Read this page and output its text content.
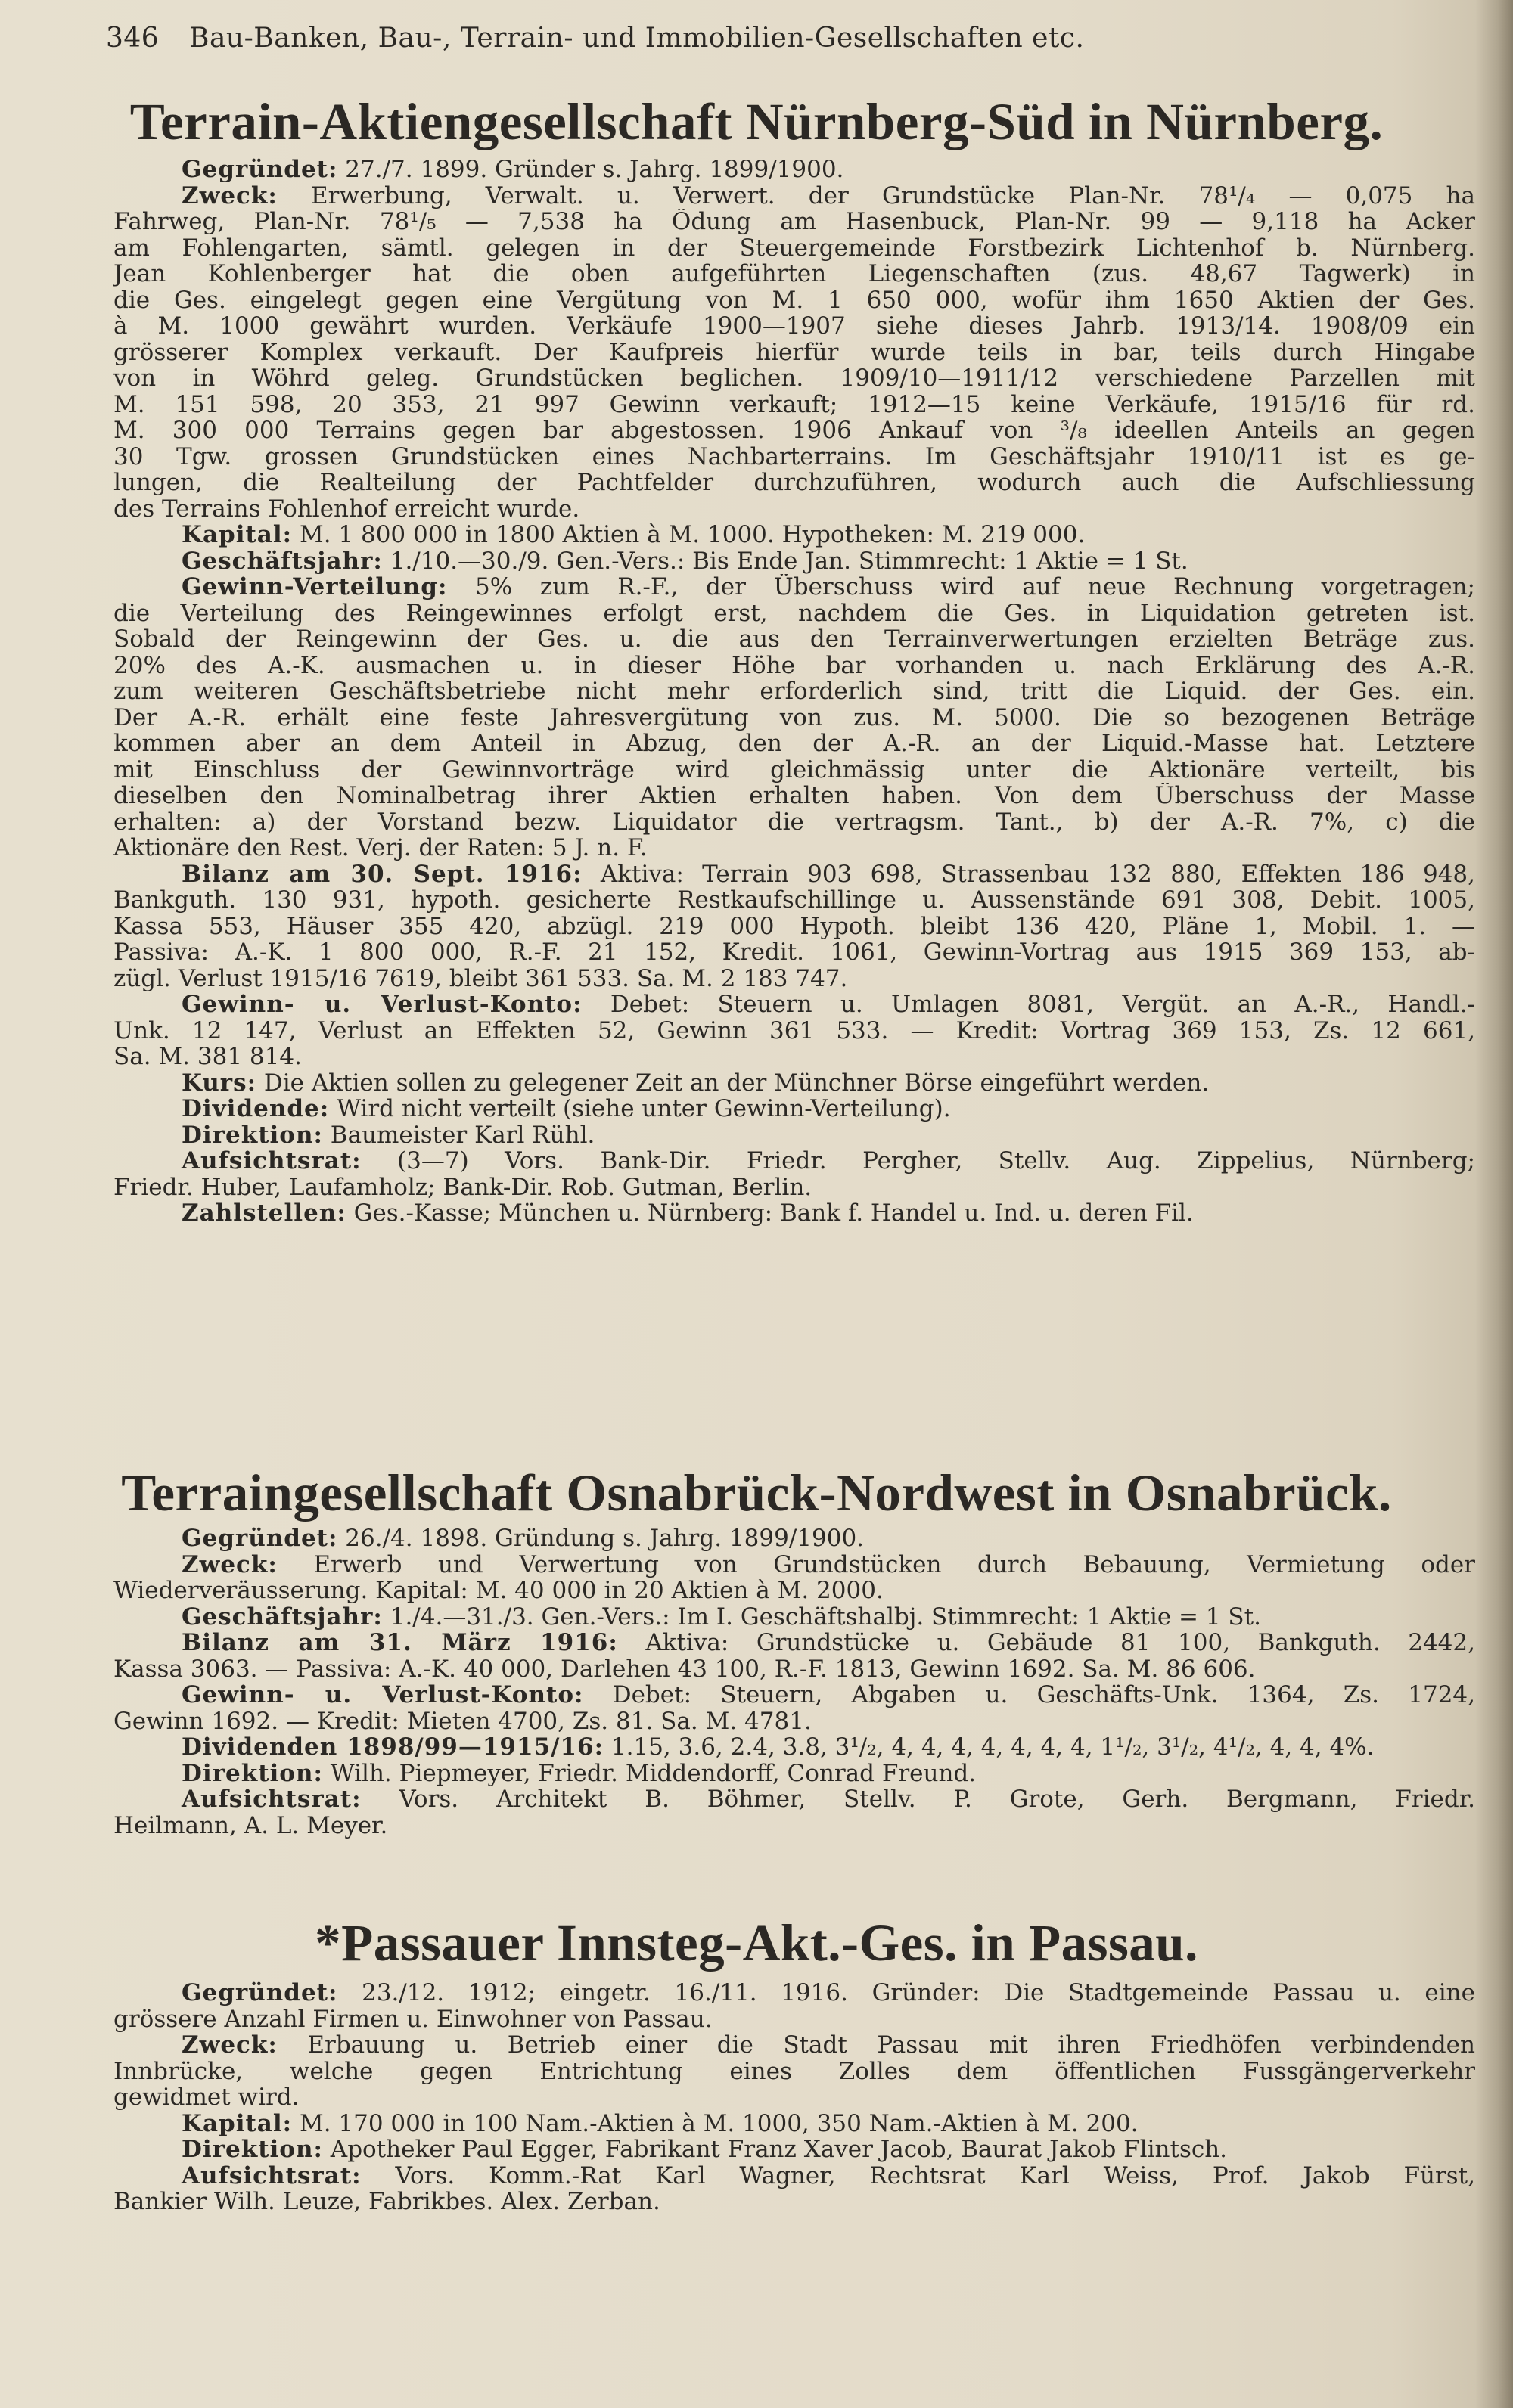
346 Bau-Banken, Bau-, Terrain- und Immobilien-Gesellschaften etc.
Terrain-Aktiengesellschaft Nürnberg-Süd in Nürnberg.
Gegründet: 27./7. 1899. Gründer s. Jahrg. 1899/1900.
Zweck: Erwerbung, Verwalt. u. Verwert. der Grundstücke Plan-Nr. 78¹/₄ — 0,075 ha
Fahrweg, Plan-Nr. 78¹/₅ — 7,538 ha Ödung am Hasenbuck, Plan-Nr. 99 — 9,118 ha Acker
am Fohlengarten, sämtl. gelegen in der Steuergemeinde Forstbezirk Lichtenhof b. Nürnberg.
Jean Kohlenberger hat die oben aufgeführten Liegenschaften (zus. 48,67 Tagwerk) in
die Ges. eingelegt gegen eine Vergütung von M. 1 650 000, wofür ihm 1650 Aktien der Ges.
à M. 1000 gewährt wurden. Verkäufe 1900—1907 siehe dieses Jahrb. 1913/14. 1908/09 ein
grösserer Komplex verkauft. Der Kaufpreis hierfür wurde teils in bar, teils durch Hingabe
von in Wöhrd geleg. Grundstücken beglichen. 1909/10—1911/12 verschiedene Parzellen mit
M. 151 598, 20 353, 21 997 Gewinn verkauft; 1912—15 keine Verkäufe, 1915/16 für rd.
M. 300 000 Terrains gegen bar abgestossen. 1906 Ankauf von ³/₈ ideellen Anteils an gegen
30 Tgw. grossen Grundstücken eines Nachbarterrains. Im Geschäftsjahr 1910/11 ist es ge-
lungen, die Realteilung der Pachtfelder durchzuführen, wodurch auch die Aufschliessung
des Terrains Fohlenhof erreicht wurde.
Kapital: M. 1 800 000 in 1800 Aktien à M. 1000. Hypotheken: M. 219 000.
Geschäftsjahr: 1./10.—30./9. Gen.-Vers.: Bis Ende Jan. Stimmrecht: 1 Aktie = 1 St.
Gewinn-Verteilung: 5% zum R.-F., der Überschuss wird auf neue Rechnung vorgetragen;
die Verteilung des Reingewinnes erfolgt erst, nachdem die Ges. in Liquidation getreten ist.
Sobald der Reingewinn der Ges. u. die aus den Terrainverwertungen erzielten Beträge zus.
20% des A.-K. ausmachen u. in dieser Höhe bar vorhanden u. nach Erklärung des A.-R.
zum weiteren Geschäftsbetriebe nicht mehr erforderlich sind, tritt die Liquid. der Ges. ein.
Der A.-R. erhält eine feste Jahresvergütung von zus. M. 5000. Die so bezogenen Beträge
kommen aber an dem Anteil in Abzug, den der A.-R. an der Liquid.-Masse hat. Letztere
mit Einschluss der Gewinnvorträge wird gleichmässig unter die Aktionäre verteilt, bis
dieselben den Nominalbetrag ihrer Aktien erhalten haben. Von dem Überschuss der Masse
erhalten: a) der Vorstand bezw. Liquidator die vertragsm. Tant., b) der A.-R. 7%, c) die
Aktionäre den Rest. Verj. der Raten: 5 J. n. F.
Bilanz am 30. Sept. 1916: Aktiva: Terrain 903 698, Strassenbau 132 880, Effekten 186 948,
Bankguth. 130 931, hypoth. gesicherte Restkaufschillinge u. Aussenstände 691 308, Debit. 1005,
Kassa 553, Häuser 355 420, abzügl. 219 000 Hypoth. bleibt 136 420, Pläne 1, Mobil. 1. —
Passiva: A.-K. 1 800 000, R.-F. 21 152, Kredit. 1061, Gewinn-Vortrag aus 1915 369 153, ab-
zügl. Verlust 1915/16 7619, bleibt 361 533. Sa. M. 2 183 747.
Gewinn- u. Verlust-Konto: Debet: Steuern u. Umlagen 8081, Vergüt. an A.-R., Handl.-
Unk. 12 147, Verlust an Effekten 52, Gewinn 361 533. — Kredit: Vortrag 369 153, Zs. 12 661,
Sa. M. 381 814.
Kurs: Die Aktien sollen zu gelegener Zeit an der Münchner Börse eingeführt werden.
Dividende: Wird nicht verteilt (siehe unter Gewinn-Verteilung).
Direktion: Baumeister Karl Rühl.
Aufsichtsrat: (3—7) Vors. Bank-Dir. Friedr. Pergher, Stellv. Aug. Zippelius, Nürnberg;
Friedr. Huber, Laufamholz; Bank-Dir. Rob. Gutman, Berlin.
Zahlstellen: Ges.-Kasse; München u. Nürnberg: Bank f. Handel u. Ind. u. deren Fil.
Terraingesellschaft Osnabrück-Nordwest in Osnabrück.
Gegründet: 26./4. 1898. Gründung s. Jahrg. 1899/1900.
Zweck: Erwerb und Verwertung von Grundstücken durch Bebauung, Vermietung oder
Wiederveräusserung. Kapital: M. 40 000 in 20 Aktien à M. 2000.
Geschäftsjahr: 1./4.—31./3. Gen.-Vers.: Im I. Geschäftshalbj. Stimmrecht: 1 Aktie = 1 St.
Bilanz am 31. März 1916: Aktiva: Grundstücke u. Gebäude 81 100, Bankguth. 2442,
Kassa 3063. — Passiva: A.-K. 40 000, Darlehen 43 100, R.-F. 1813, Gewinn 1692. Sa. M. 86 606.
Gewinn- u. Verlust-Konto: Debet: Steuern, Abgaben u. Geschäfts-Unk. 1364, Zs. 1724,
Gewinn 1692. — Kredit: Mieten 4700, Zs. 81. Sa. M. 4781.
Dividenden 1898/99—1915/16: 1.15, 3.6, 2.4, 3.8, 3¹/₂, 4, 4, 4, 4, 4, 4, 4, 1¹/₂, 3¹/₂, 4¹/₂, 4, 4, 4%.
Direktion: Wilh. Piepmeyer, Friedr. Middendorff, Conrad Freund.
Aufsichtsrat: Vors. Architekt B. Böhmer, Stellv. P. Grote, Gerh. Bergmann, Friedr.
Heilmann, A. L. Meyer.
*Passauer Innsteg-Akt.-Ges. in Passau.
Gegründet: 23./12. 1912; eingetr. 16./11. 1916. Gründer: Die Stadtgemeinde Passau u. eine
grössere Anzahl Firmen u. Einwohner von Passau.
Zweck: Erbauung u. Betrieb einer die Stadt Passau mit ihren Friedhöfen verbindenden
Innbrücke, welche gegen Entrichtung eines Zolles dem öffentlichen Fussgängerverkehr
gewidmet wird.
Kapital: M. 170 000 in 100 Nam.-Aktien à M. 1000, 350 Nam.-Aktien à M. 200.
Direktion: Apotheker Paul Egger, Fabrikant Franz Xaver Jacob, Baurat Jakob Flintsch.
Aufsichtsrat: Vors. Komm.-Rat Karl Wagner, Rechtsrat Karl Weiss, Prof. Jakob Fürst,
Bankier Wilh. Leuze, Fabrikbes. Alex. Zerban.
